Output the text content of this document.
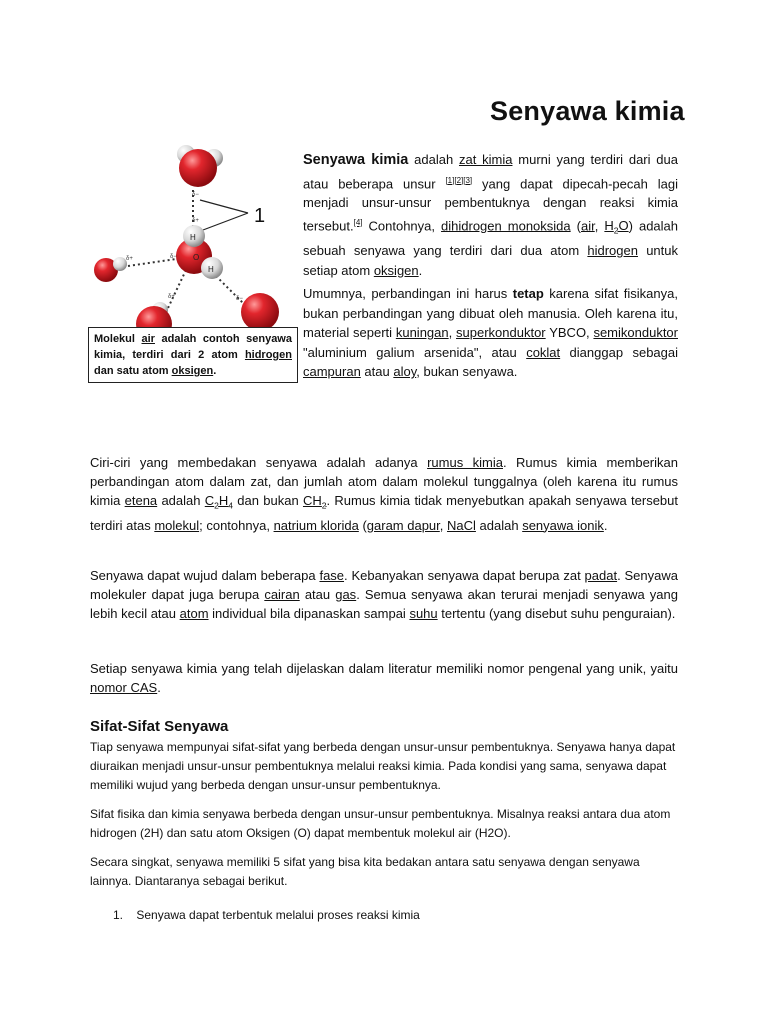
Senyawa kimia
1
δ−
δ+
H
O
H
δ+	δ−
δ+	δ−
Molekul air adalah contoh senyawa kimia, terdiri dari 2 atom hidrogen dan satu atom oksigen.
Senyawa kimia adalah zat kimia murni yang terdiri dari dua atau beberapa unsur [1][2][3] yang dapat dipecah-pecah lagi menjadi unsur-unsur pembentuknya dengan reaksi kimia tersebut.[4] Contohnya, dihidrogen monoksida (air, $H_2O$) adalah sebuah senyawa yang terdiri dari dua atom hidrogen untuk setiap atom oksigen.
Umumnya, perbandingan ini harus tetap karena sifat fisikanya, bukan perbandingan yang dibuat oleh manusia. Oleh karena itu, material seperti kuningan, superkonduktor YBCO, semikonduktor "aluminium galium arsenida", atau coklat dianggap sebagai campuran atau aloy, bukan senyawa.
Ciri-ciri yang membedakan senyawa adalah adanya rumus kimia. Rumus kimia memberikan perbandingan atom dalam zat, dan jumlah atom dalam molekul tunggalnya (oleh karena itu rumus kimia etena adalah $C_2H_4$ dan bukan $CH_2$. Rumus kimia tidak menyebutkan apakah senyawa tersebut terdiri atas molekul; contohnya, natrium klorida (garam dapur, NaCl adalah senyawa ionik.
Senyawa dapat wujud dalam beberapa fase. Kebanyakan senyawa dapat berupa zat padat. Senyawa molekuler dapat juga berupa cairan atau gas. Semua senyawa akan terurai menjadi senyawa yang lebih kecil atau atom individual bila dipanaskan sampai suhu tertentu (yang disebut suhu penguraian).
Setiap senyawa kimia yang telah dijelaskan dalam literatur memiliki nomor pengenal yang unik, yaitu nomor CAS.
Sifat-Sifat Senyawa
Tiap senyawa mempunyai sifat-sifat yang berbeda dengan unsur-unsur pembentuknya. Senyawa hanya dapat diuraikan menjadi unsur-unsur pembentuknya melalui reaksi kimia. Pada kondisi yang sama, senyawa dapat memiliki wujud yang berbeda dengan unsur-unsur pembentuknya.
Sifat fisika dan kimia senyawa berbeda dengan unsur-unsur pembentuknya. Misalnya reaksi antara dua atom hidrogen (2H) dan satu atom Oksigen (O) dapat membentuk molekul air (H2O).
Secara singkat, senyawa memiliki 5 sifat yang bisa kita bedakan antara satu senyawa dengan senyawa lainnya. Diantaranya sebagai berikut.
1. Senyawa dapat terbentuk melalui proses reaksi kimia
